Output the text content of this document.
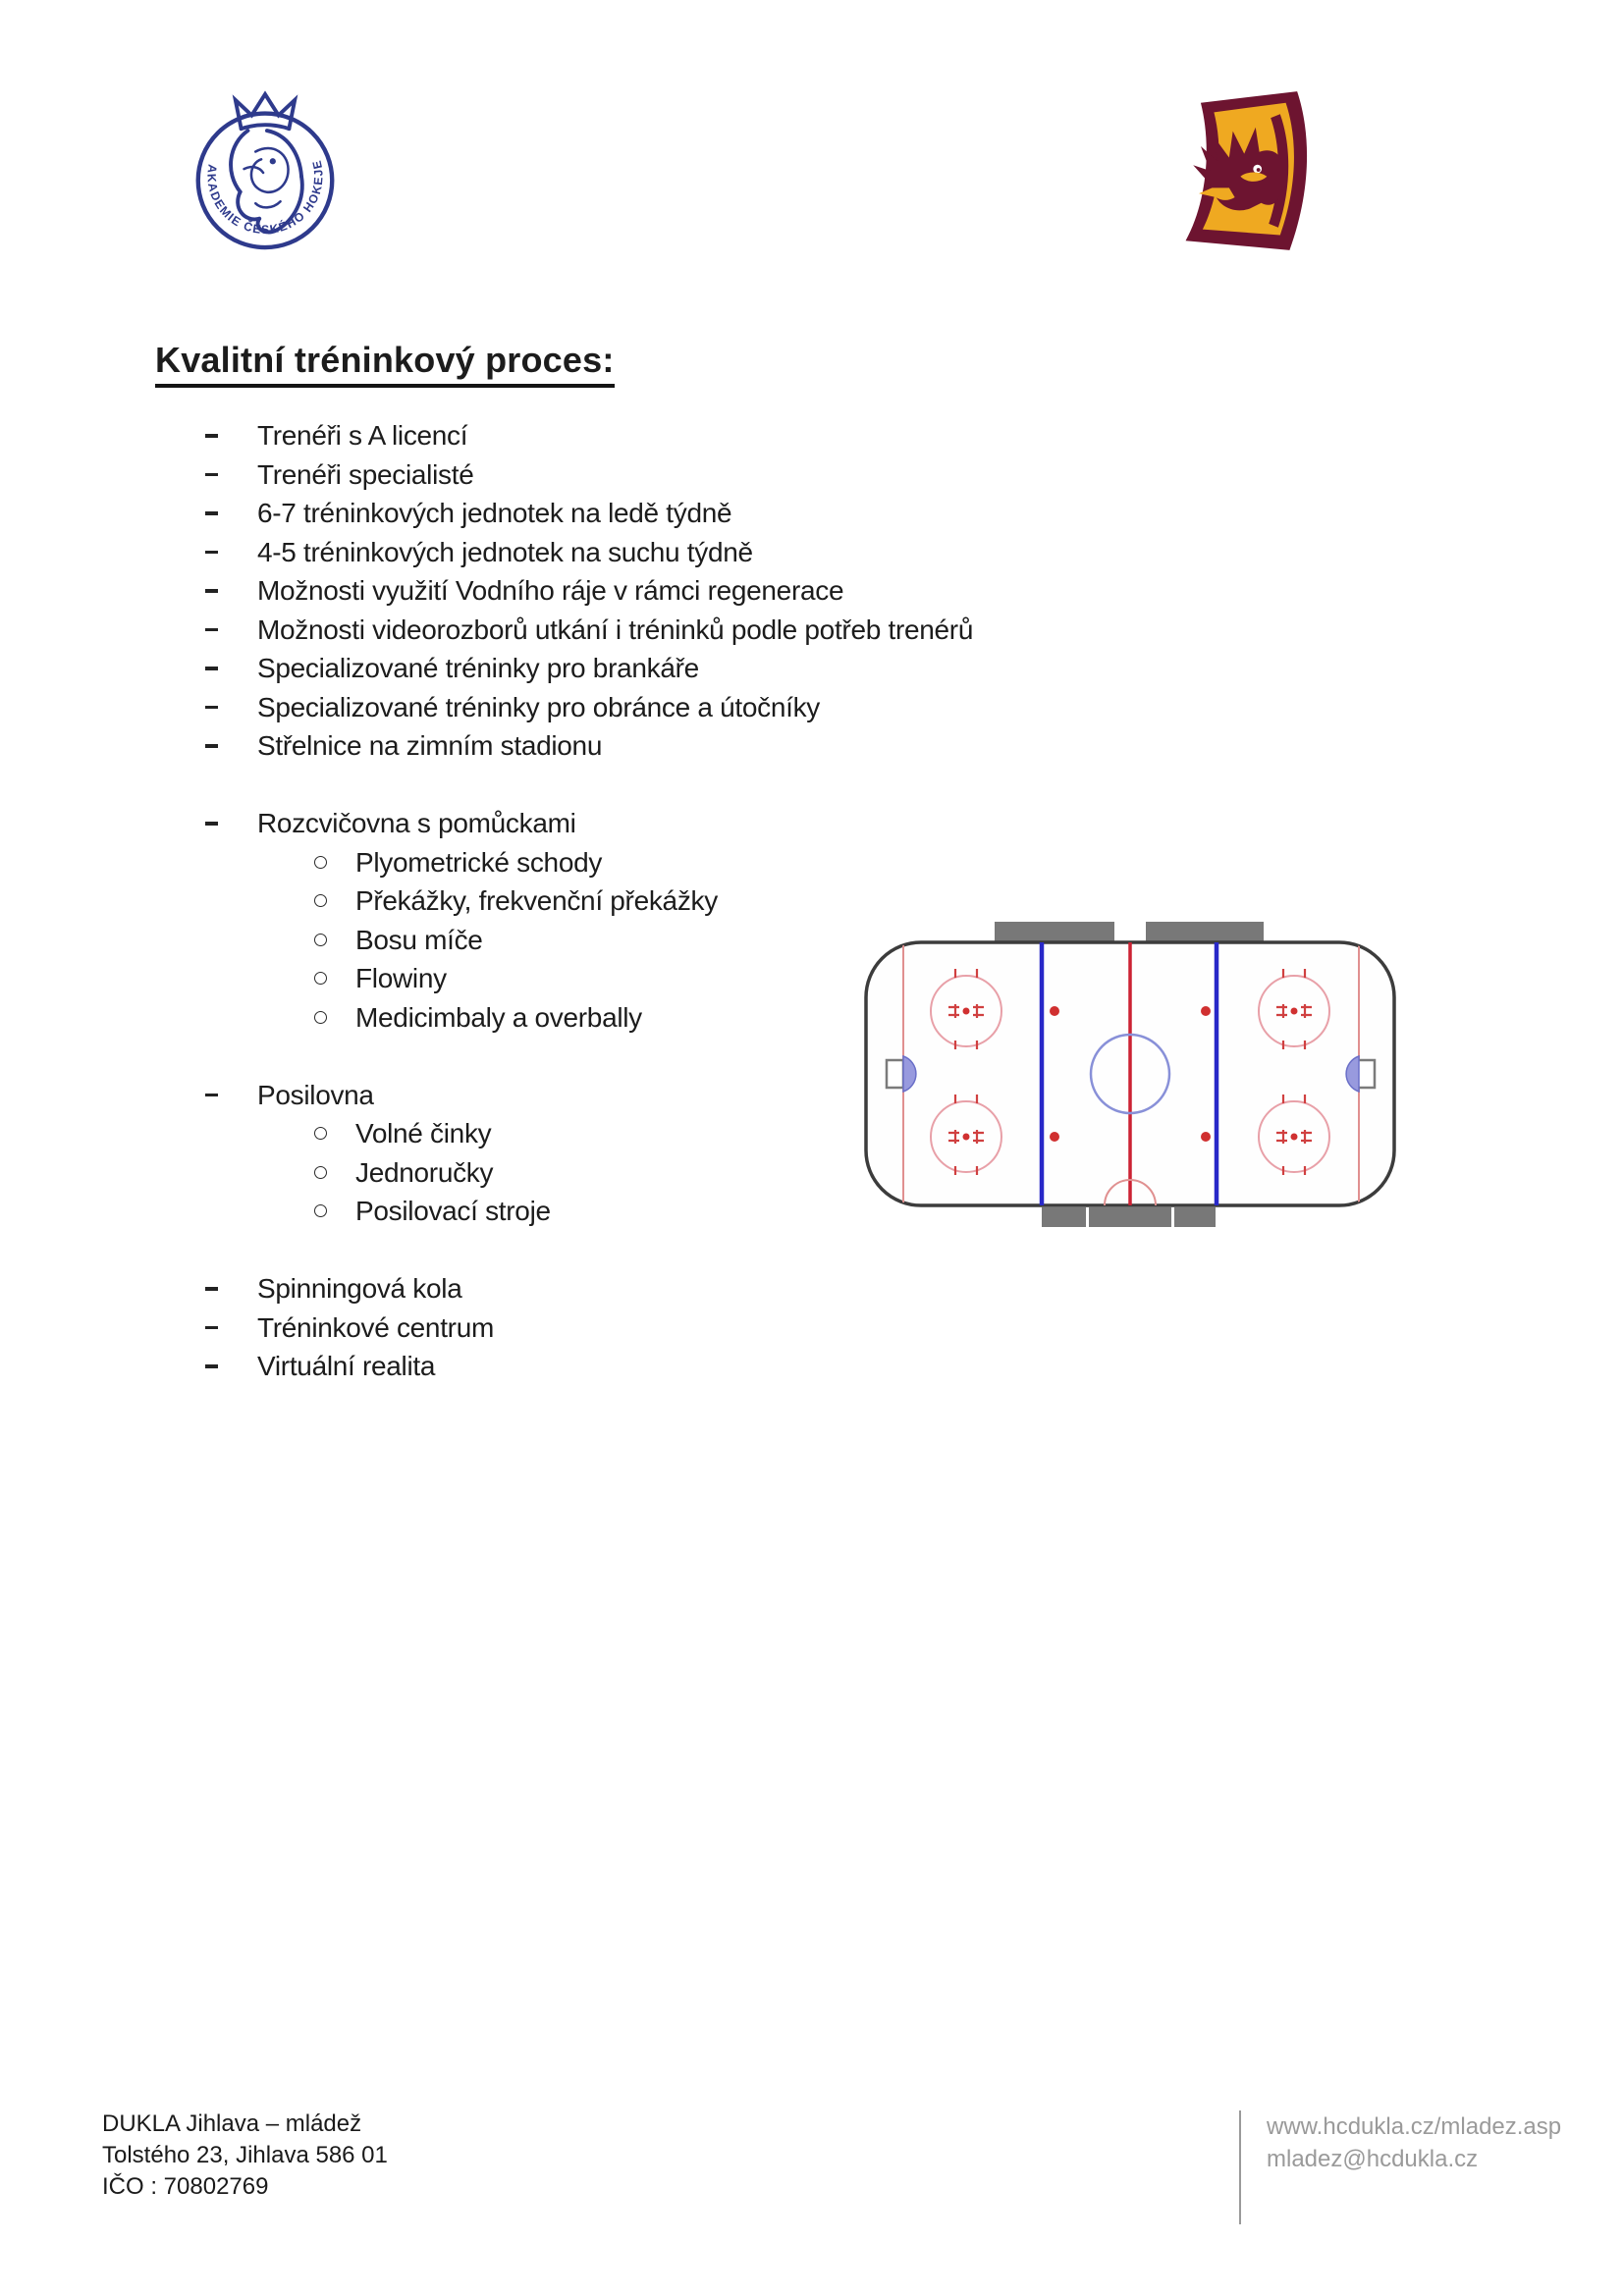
AKADEMIE ČESKÉHO HOKEJE
Kvalitní tréninkový proces:
Trenéři s A licencí
Trenéři specialisté
6-7 tréninkových jednotek na ledě týdně
4-5 tréninkových jednotek na suchu týdně
Možnosti využití Vodního ráje v rámci regenerace
Možnosti videorozborů utkání i tréninků podle potřeb trenérů
Specializované tréninky pro brankáře
Specializované tréninky pro obránce a útočníky
Střelnice na zimním stadionu
Rozcvičovna s pomůckami
Plyometrické schody
Překážky, frekvenční překážky
Bosu míče
Flowiny
Medicimbaly a overbally
Posilovna
Volné činky
Jednoručky
Posilovací stroje
Spinningová kola
Tréninkové centrum
Virtuální realita
DUKLA Jihlava – mládež
Tolstého 23, Jihlava 586 01
IČO : 70802769
www.hcdukla.cz/mladez.asp
mladez@hcdukla.cz
